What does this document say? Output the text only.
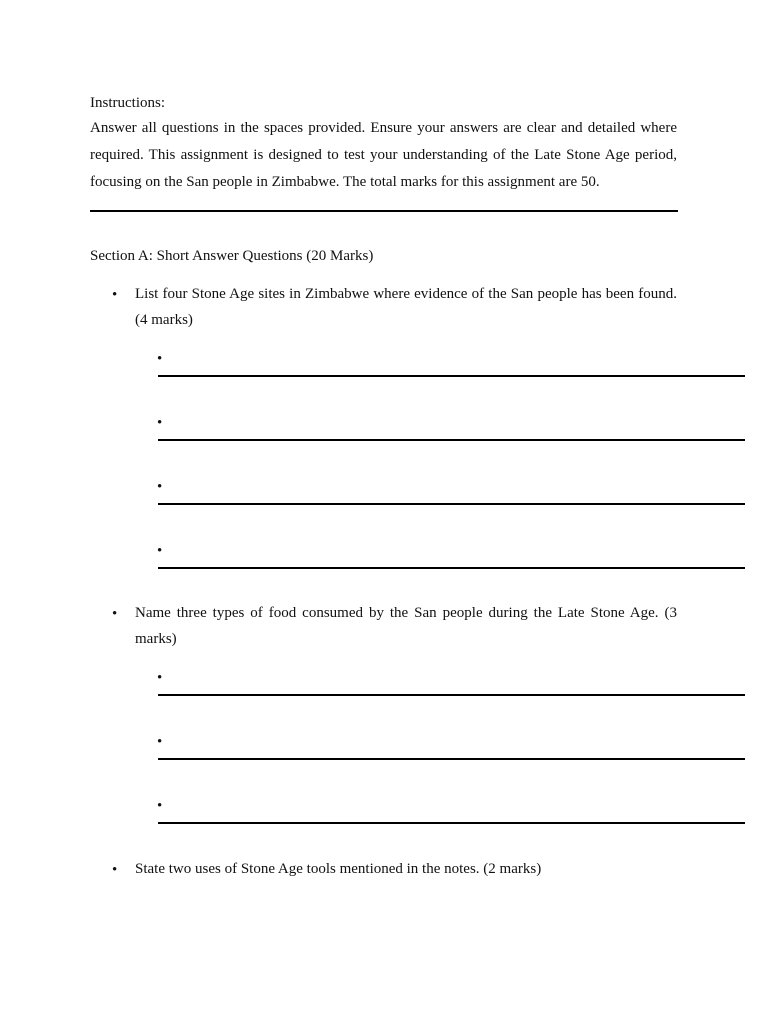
Instructions:
Answer all questions in the spaces provided. Ensure your answers are clear and detailed where required. This assignment is designed to test your understanding of the Late Stone Age period, focusing on the San people in Zimbabwe. The total marks for this assignment are 50.
Section A: Short Answer Questions (20 Marks)
• List four Stone Age sites in Zimbabwe where evidence of the San people has been found. (4 marks)
•
•
•
•
• Name three types of food consumed by the San people during the Late Stone Age. (3 marks)
•
•
•
• State two uses of Stone Age tools mentioned in the notes. (2 marks)
